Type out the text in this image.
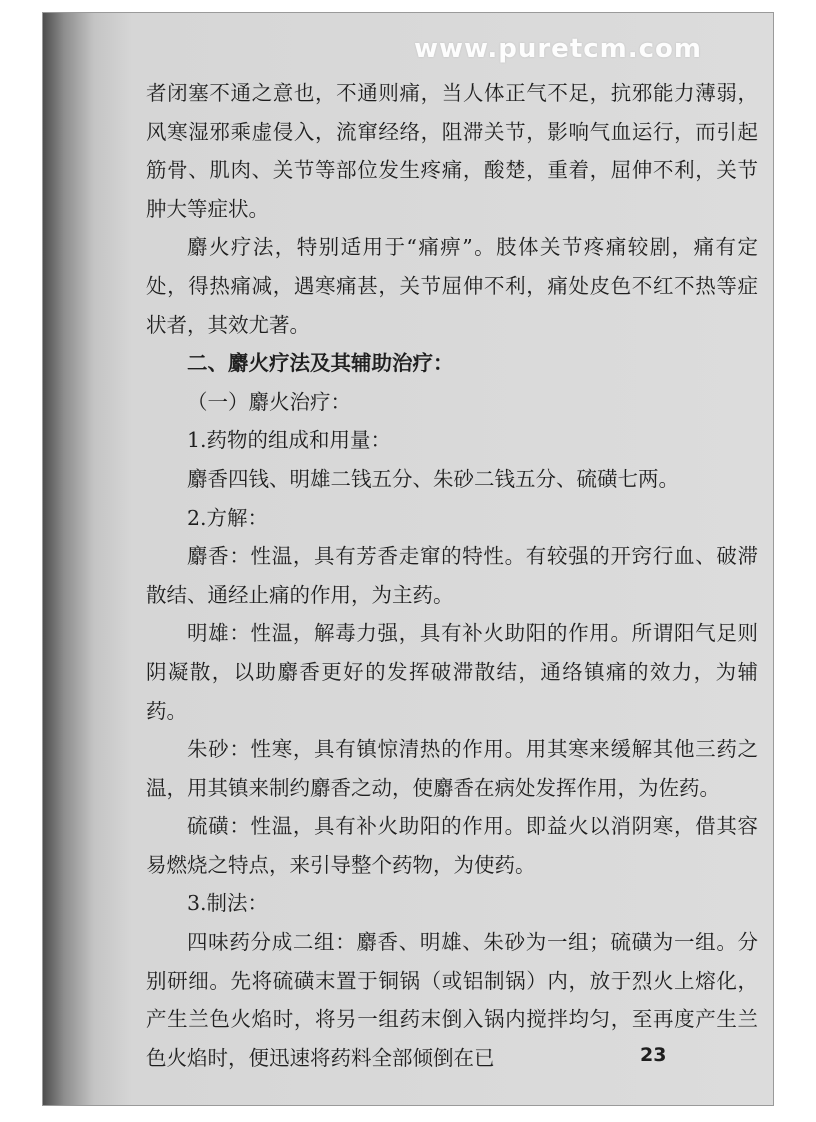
www.puretcm.com

者闭塞不通之意也，不通则痛，当人体正气不足，抗邪能力薄弱，风寒湿邪乘虚侵入，流窜经络，阻滞关节，影响气血运行，而引起筋骨、肌肉、关节等部位发生疼痛，酸楚，重着，屈伸不利，关节肿大等症状。

麝火疗法，特别适用于“痛痹”。肢体关节疼痛较剧，痛有定处，得热痛减，遇寒痛甚，关节屈伸不利，痛处皮色不红不热等症状者，其效尤著。

二、麝火疗法及其辅助治疗：

（一）麝火治疗：

1.药物的组成和用量：

麝香四钱、明雄二钱五分、朱砂二钱五分、硫磺七两。

2.方解：

麝香：性温，具有芳香走窜的特性。有较强的开窍行血、破滞散结、通经止痛的作用，为主药。

明雄：性温，解毒力强，具有补火助阳的作用。所谓阳气足则阴凝散，以助麝香更好的发挥破滞散结，通络镇痛的效力，为辅药。

朱砂：性寒，具有镇惊清热的作用。用其寒来缓解其他三药之温，用其镇来制约麝香之动，使麝香在病处发挥作用，为佐药。

硫磺：性温，具有补火助阳的作用。即益火以消阴寒，借其容易燃烧之特点，来引导整个药物，为使药。

3.制法：

四味药分成二组：麝香、明雄、朱砂为一组；硫磺为一组。分别研细。先将硫磺末置于铜锅（或铝制锅）内，放于烈火上熔化，产生兰色火焰时，将另一组药末倒入锅内搅拌均匀，至再度产生兰色火焰时，便迅速将药料全部倾倒在已	23
